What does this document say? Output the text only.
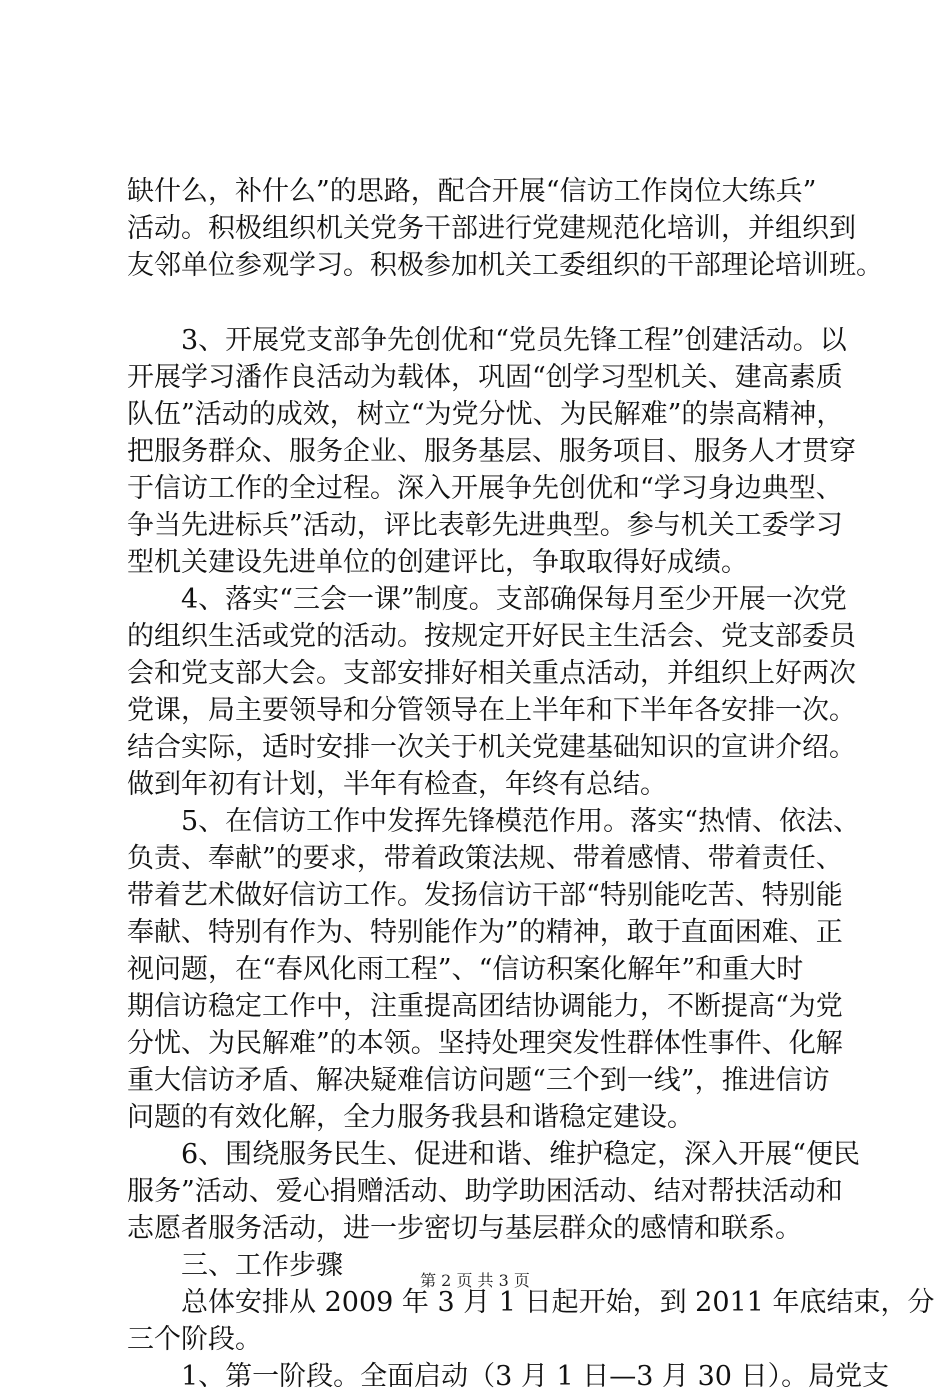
缺什么，补什么”的思路，配合开展“信访工作岗位大练兵”
活动。积极组织机关党务干部进行党建规范化培训，并组织到
友邻单位参观学习。积极参加机关工委组织的干部理论培训班。
3、开展党支部争先创优和“党员先锋工程”创建活动。以
开展学习潘作良活动为载体，巩固“创学习型机关、建高素质
队伍”活动的成效，树立“为党分忧、为民解难”的崇高精神，
把服务群众、服务企业、服务基层、服务项目、服务人才贯穿
于信访工作的全过程。深入开展争先创优和“学习身边典型、
争当先进标兵”活动，评比表彰先进典型。参与机关工委学习
型机关建设先进单位的创建评比，争取取得好成绩。
4、落实“三会一课”制度。支部确保每月至少开展一次党
的组织生活或党的活动。按规定开好民主生活会、党支部委员
会和党支部大会。支部安排好相关重点活动，并组织上好两次
党课，局主要领导和分管领导在上半年和下半年各安排一次。
结合实际，适时安排一次关于机关党建基础知识的宣讲介绍。
做到年初有计划，半年有检查，年终有总结。
5、在信访工作中发挥先锋模范作用。落实“热情、依法、
负责、奉献”的要求，带着政策法规、带着感情、带着责任、
带着艺术做好信访工作。发扬信访干部“特别能吃苦、特别能
奉献、特别有作为、特别能作为”的精神，敢于直面困难、正
视问题，在“春风化雨工程”、“信访积案化解年”和重大时
期信访稳定工作中，注重提高团结协调能力，不断提高“为党
分忧、为民解难”的本领。坚持处理突发性群体性事件、化解
重大信访矛盾、解决疑难信访问题“三个到一线”，推进信访
问题的有效化解，全力服务我县和谐稳定建设。
6、围绕服务民生、促进和谐、维护稳定，深入开展“便民
服务”活动、爱心捐赠活动、助学助困活动、结对帮扶活动和
志愿者服务活动，进一步密切与基层群众的感情和联系。
三、工作步骤
总体安排从 2009 年 3 月 1 日起开始，到 2011 年底结束，分
三个阶段。
1、第一阶段。全面启动（3 月 1 日—3 月 30 日）。局党支
第 2 页 共 3 页
